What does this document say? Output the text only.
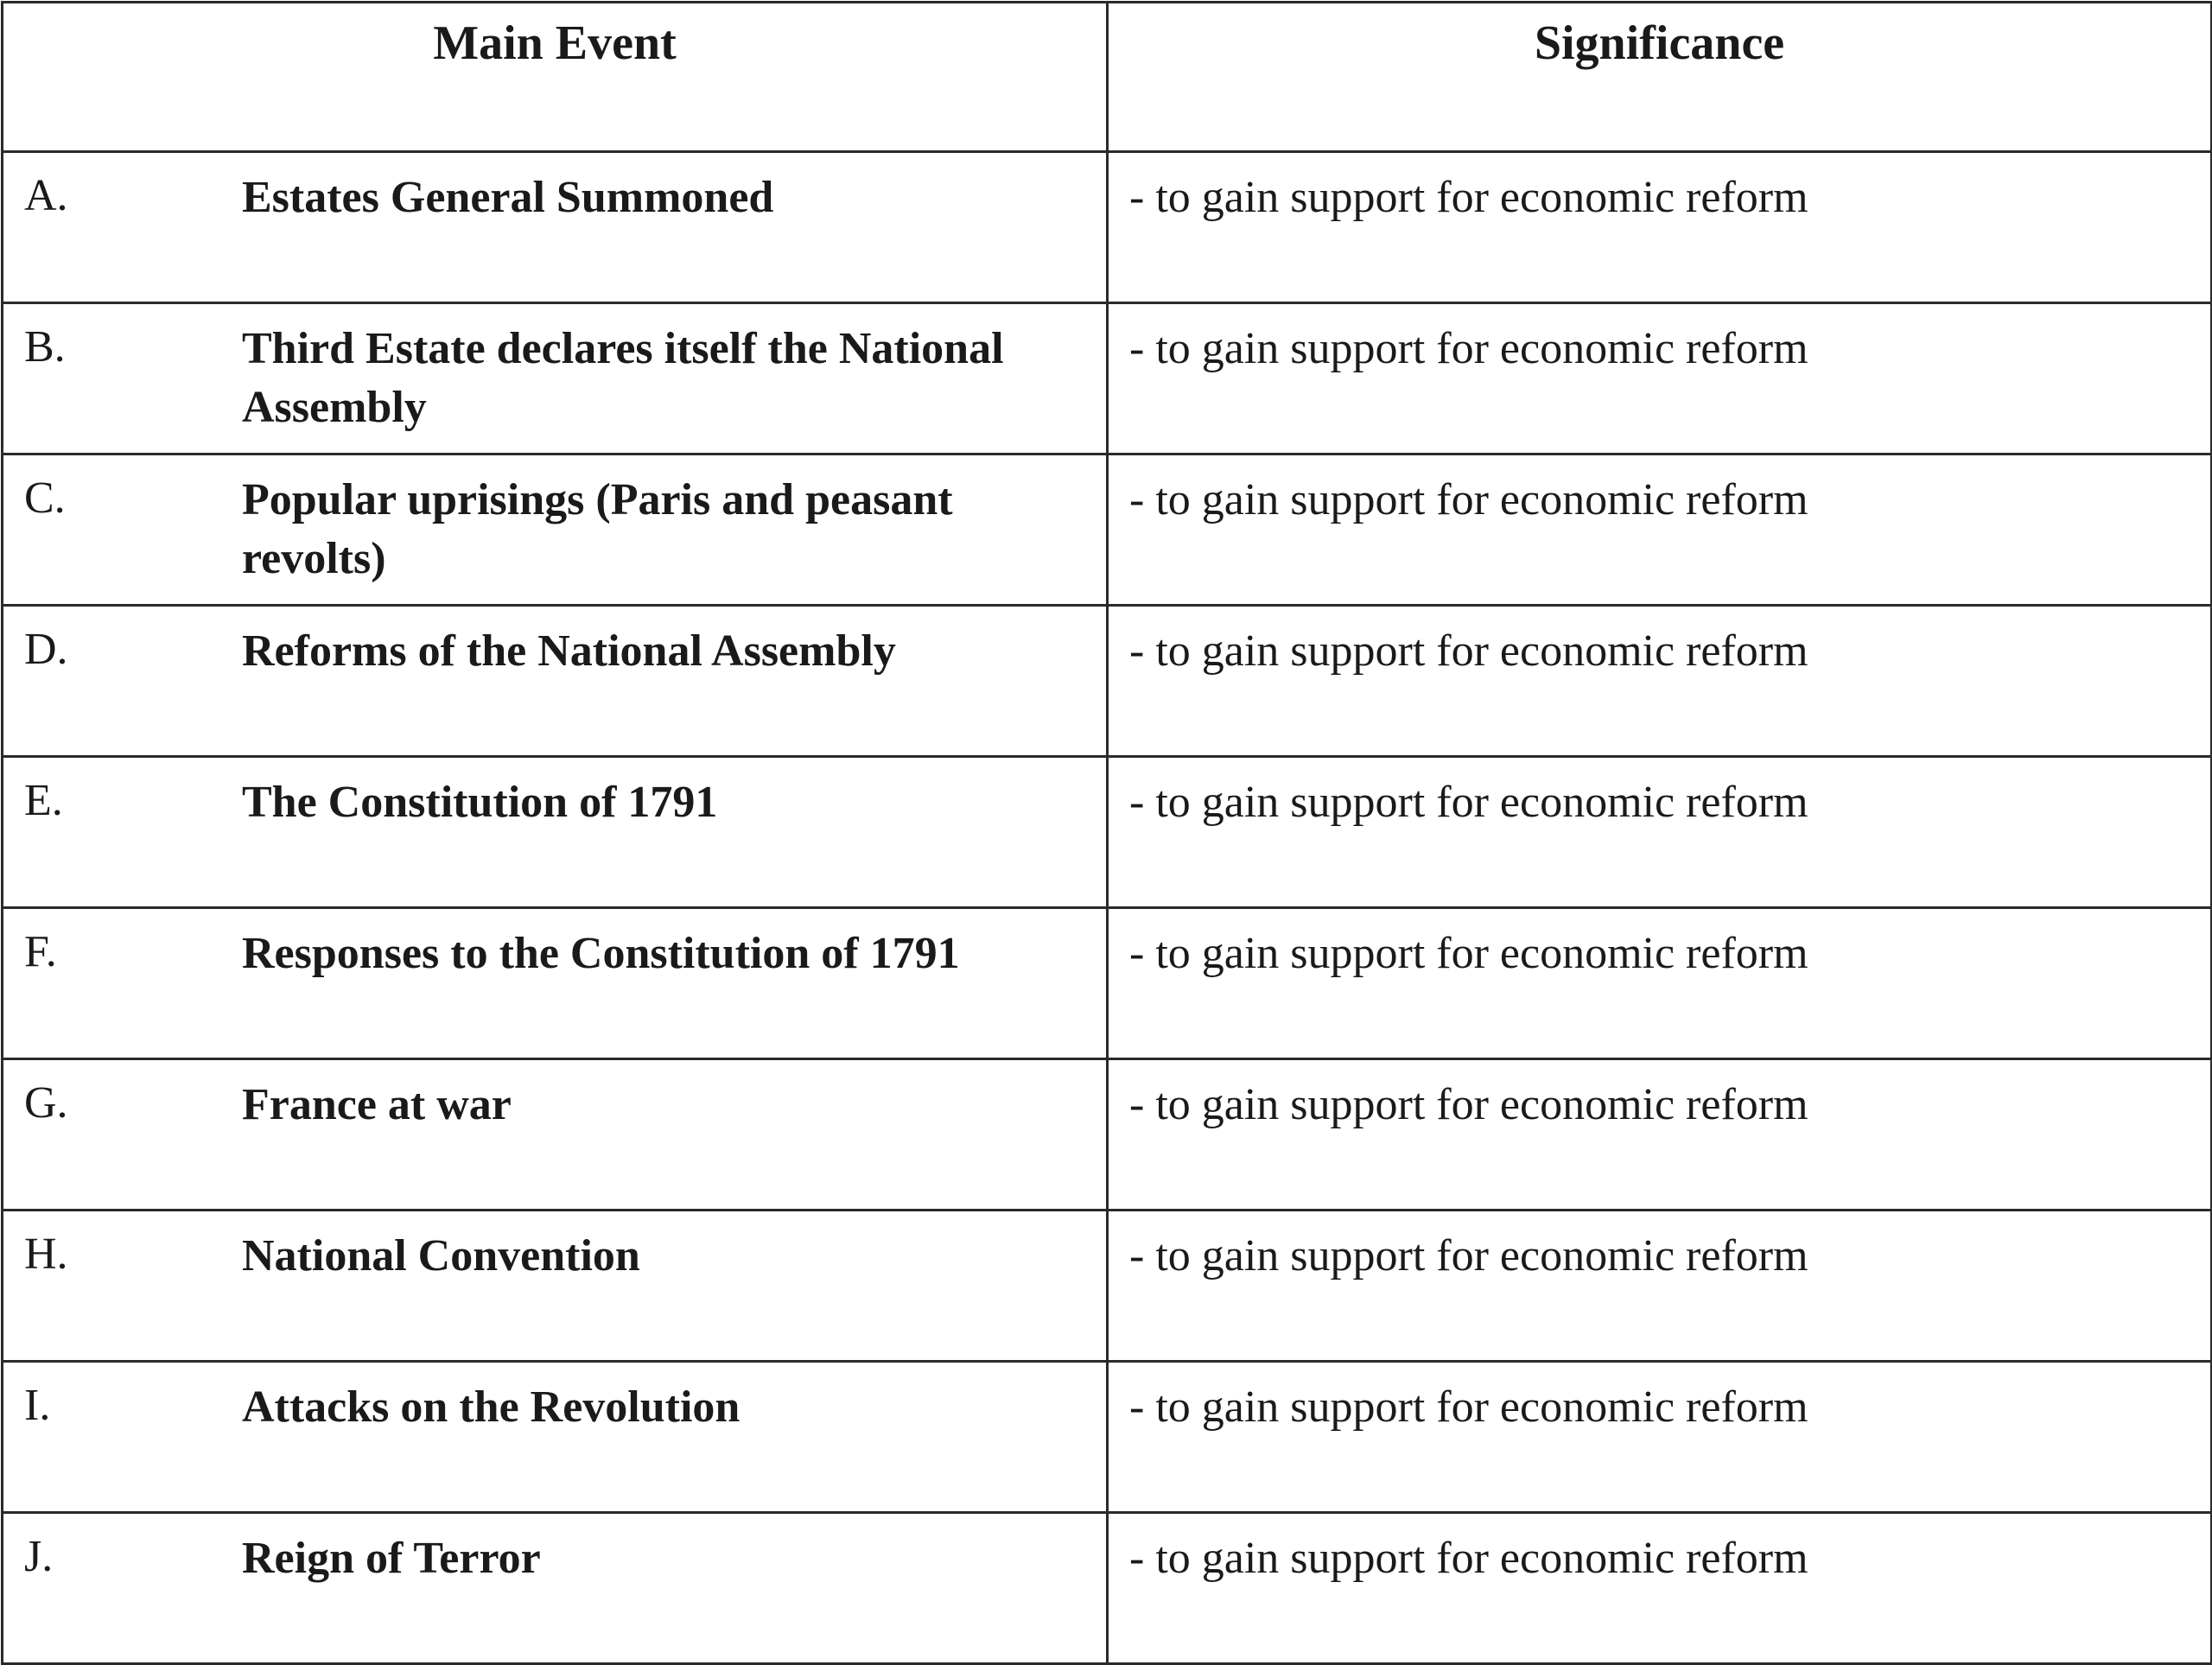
Main Event	Significance

A. Estates General Summoned	- to gain support for economic reform

B. Third Estate declares itself the National Assembly	- to gain support for economic reform

C. Popular uprisings (Paris and peasant revolts)	- to gain support for economic reform

D. Reforms of the National Assembly	- to gain support for economic reform

E. The Constitution of 1791	- to gain support for economic reform

F. Responses to the Constitution of 1791	- to gain support for economic reform

G. France at war	- to gain support for economic reform

H. National Convention	- to gain support for economic reform

I. Attacks on the Revolution	- to gain support for economic reform

J. Reign of Terror	- to gain support for economic reform
